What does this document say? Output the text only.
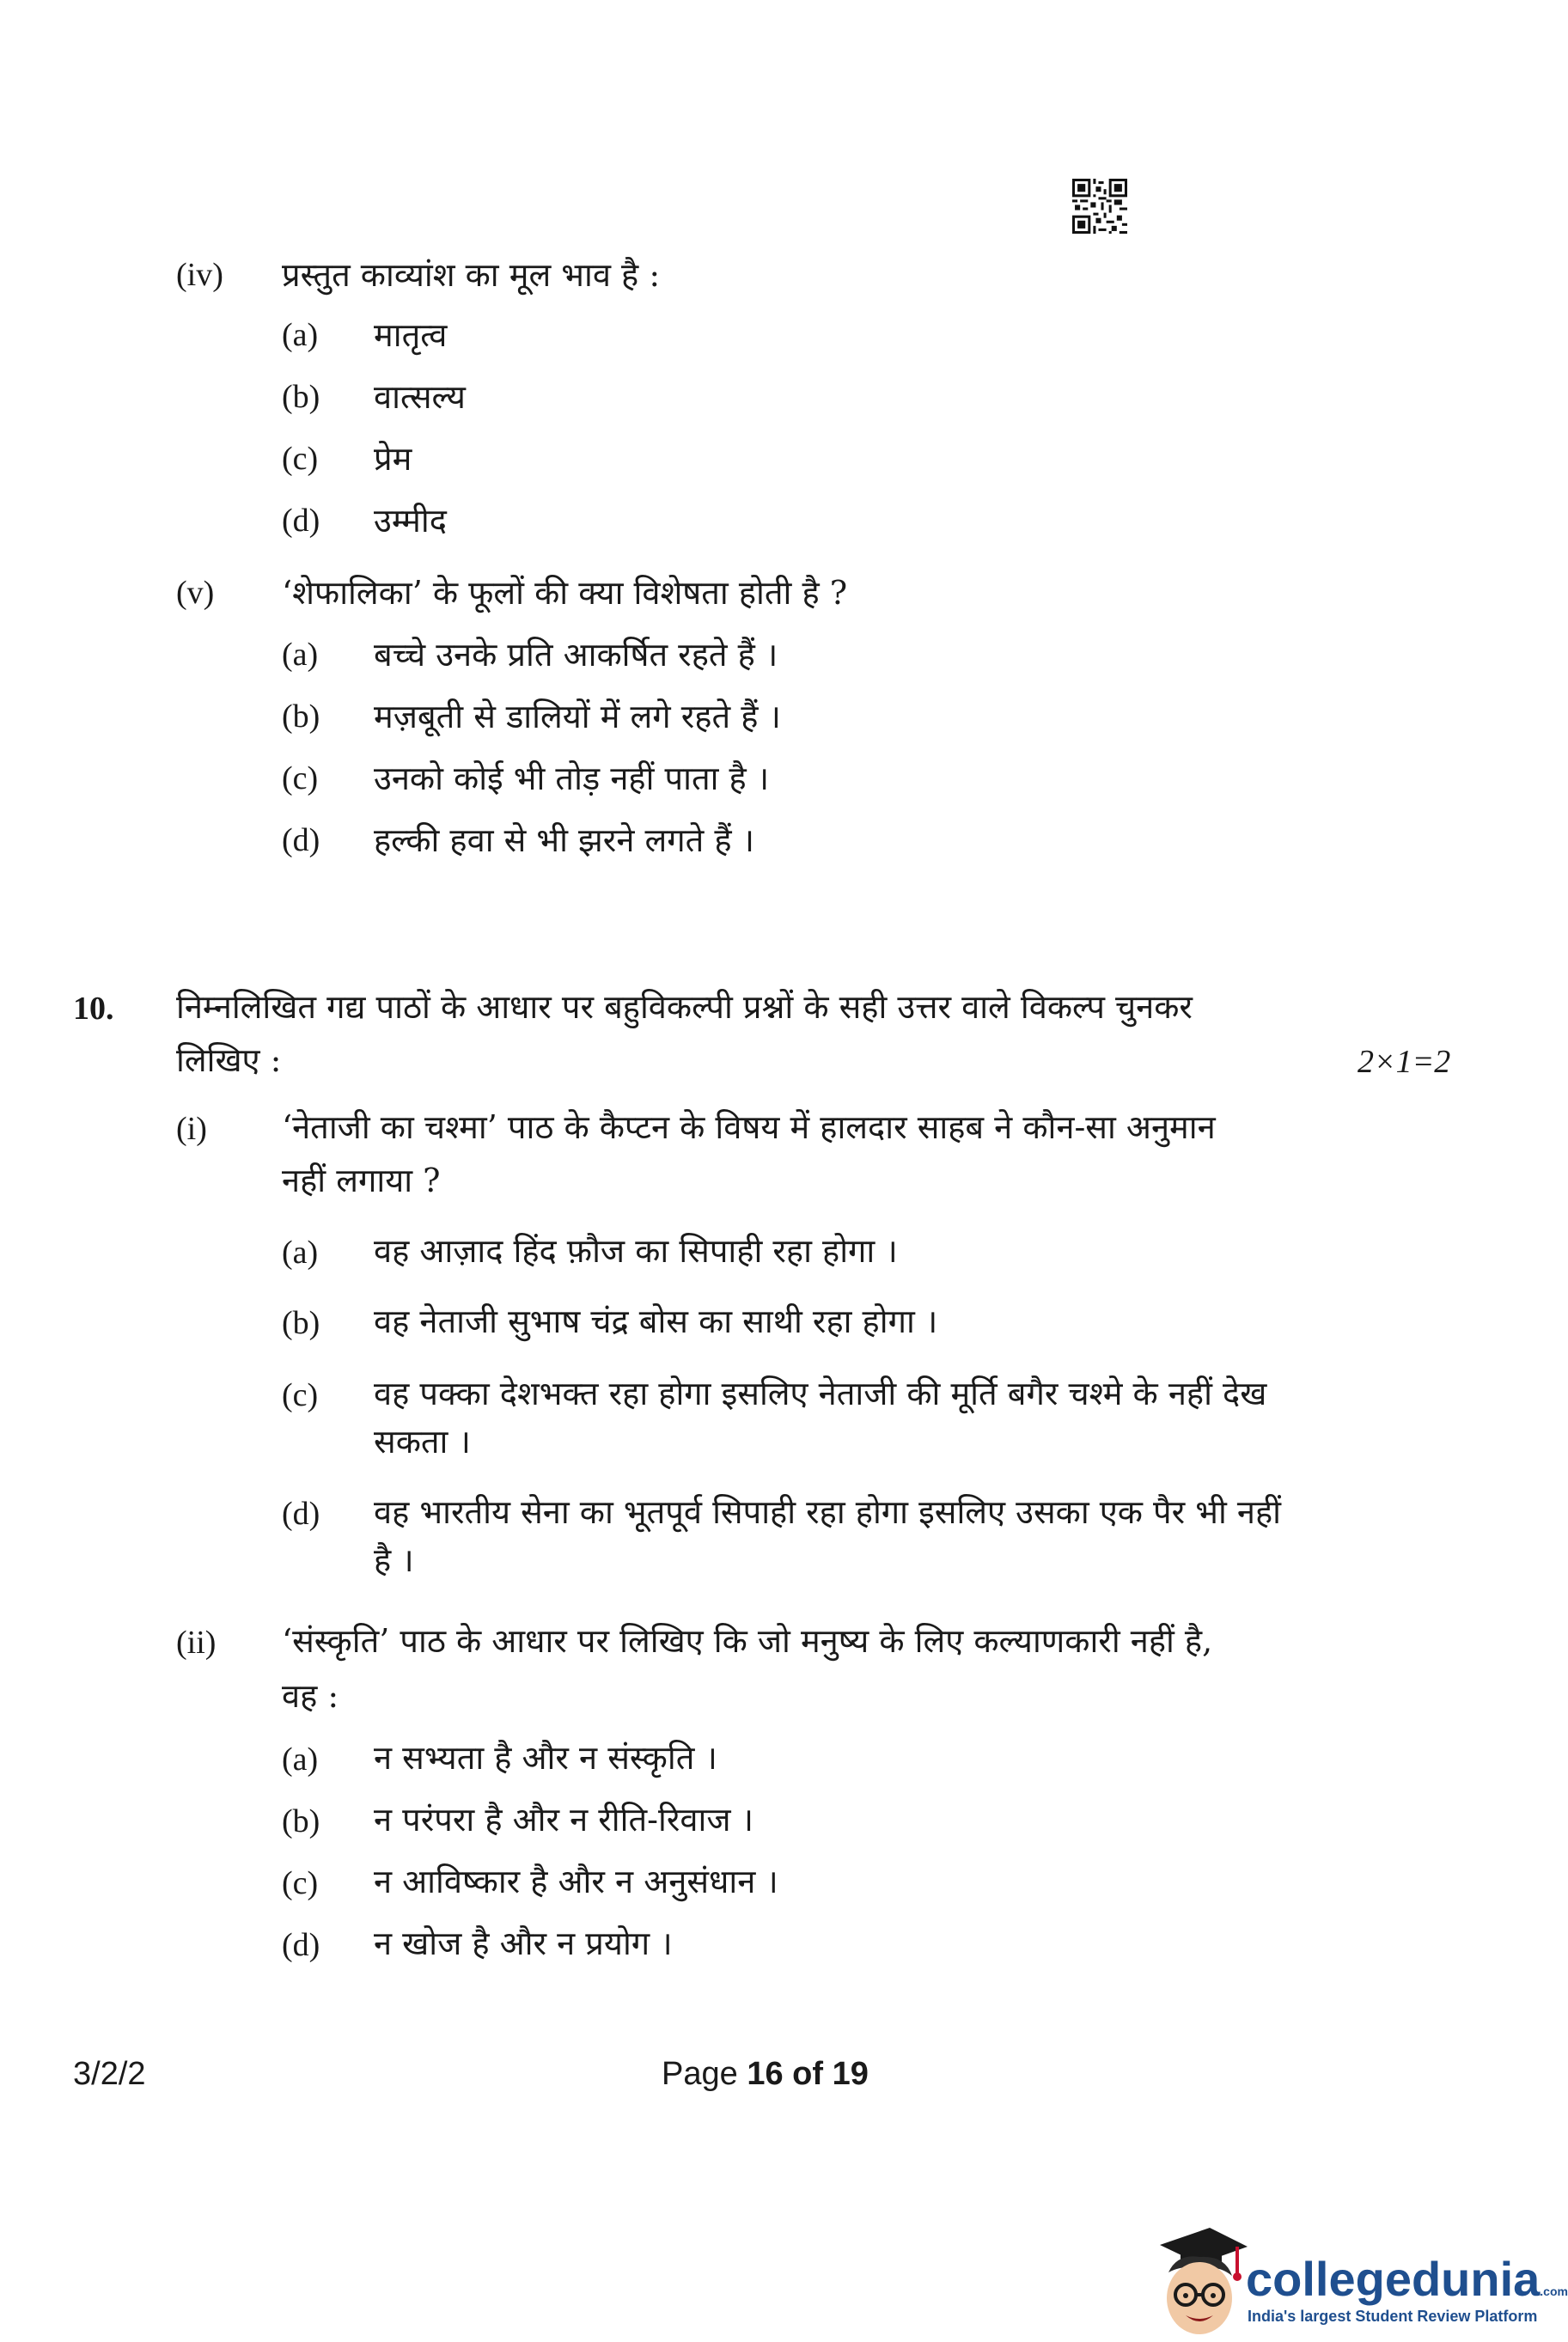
(iv) प्रस्तुत काव्यांश का मूल भाव है :
(a) मातृत्व
(b) वात्सल्य
(c) प्रेम
(d) उम्मीद
(v) ‘शेफालिका’ के फूलों की क्या विशेषता होती है ?
(a) बच्चे उनके प्रति आकर्षित रहते हैं ।
(b) मज़बूती से डालियों में लगे रहते हैं ।
(c) उनको कोई भी तोड़ नहीं पाता है ।
(d) हल्की हवा से भी झरने लगते हैं ।
10. निम्नलिखित गद्य पाठों के आधार पर बहुविकल्पी प्रश्नों के सही उत्तर वाले विकल्प चुनकर
लिखिए :	2×1=2
(i) ‘नेताजी का चश्मा’ पाठ के कैप्टन के विषय में हालदार साहब ने कौन-सा अनुमान
नहीं लगाया ?
(a) वह आज़ाद हिंद फ़ौज का सिपाही रहा होगा ।
(b) वह नेताजी सुभाष चंद्र बोस का साथी रहा होगा ।
(c) वह पक्का देशभक्त रहा होगा इसलिए नेताजी की मूर्ति बगैर चश्मे के नहीं देख
सकता ।
(d) वह भारतीय सेना का भूतपूर्व सिपाही रहा होगा इसलिए उसका एक पैर भी नहीं
है ।
(ii) ‘संस्कृति’ पाठ के आधार पर लिखिए कि जो मनुष्य के लिए कल्याणकारी नहीं है,
वह :
(a) न सभ्यता है और न संस्कृति ।
(b) न परंपरा है और न रीति-रिवाज ।
(c) न आविष्कार है और न अनुसंधान ।
(d) न खोज है और न प्रयोग ।
3/2/2	Page 16 of 19
collegedunia.com
India's largest Student Review Platform
